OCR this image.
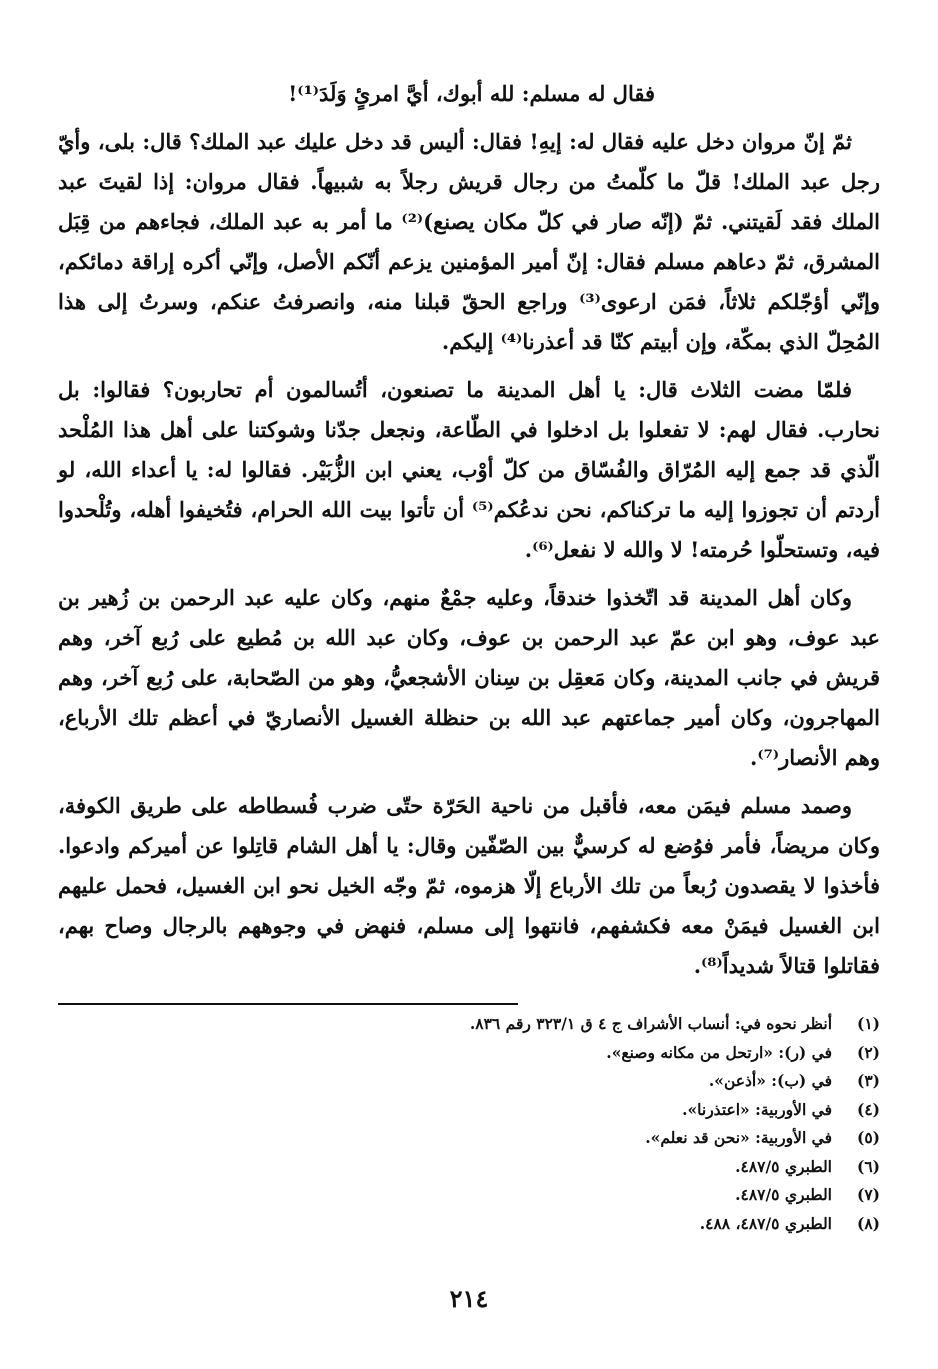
فقال له مسلم: لله أبوك، أيَّ امرئٍ وَلَدَ⁽¹⁾!

ثمّ إنّ مروان دخل عليه فقال له: إيهِ! فقال: أليس قد دخل عليك عبد الملك؟ قال: بلى، وأيّ رجل عبد الملك! قلّ ما كلّمتُ من رجال قريش رجلاً به شبيهاً. فقال مروان: إذا لقيتَ عبد الملك فقد لَقيتني. ثمّ (إنّه صار في كلّ مكان يصنع)⁽²⁾ ما أمر به عبد الملك، فجاءهم من قِبَل المشرق، ثمّ دعاهم مسلم فقال: إنّ أمير المؤمنين يزعم أنّكم الأصل، وإنّي أكره إراقة دمائكم، وإنّي أؤجّلكم ثلاثاً، فمَن ارعوى⁽³⁾ وراجع الحقّ قبلنا منه، وانصرفتُ عنكم، وسرتُ إلى هذا المُحِلّ الذي بمكّة، وإن أبيتم كنّا قد أعذرنا⁽⁴⁾ إليكم.

فلمّا مضت الثلاث قال: يا أهل المدينة ما تصنعون، أتُسالمون أم تحاربون؟ فقالوا: بل نحارب. فقال لهم: لا تفعلوا بل ادخلوا في الطّاعة، ونجعل جدّنا وشوكتنا على أهل هذا المُلْحد الّذي قد جمع إليه المُرّاق والفُسّاق من كلّ أوْب، يعني ابن الزُّبَيْر. فقالوا له: يا أعداء الله، لو أردتم أن تجوزوا إليه ما تركناكم، نحن ندعُكم⁽⁵⁾ أن تأتوا بيت الله الحرام، فتُخيفوا أهله، وتُلْحدوا فيه، وتستحلّوا حُرمته! لا والله لا نفعل⁽⁶⁾.

وكان أهل المدينة قد اتّخذوا خندقاً، وعليه جمْعٌ منهم، وكان عليه عبد الرحمن بن زُهير بن عبد عوف، وهو ابن عمّ عبد الرحمن بن عوف، وكان عبد الله بن مُطيع على رُبع آخر، وهم قريش في جانب المدينة، وكان مَعقِل بن سِنان الأشجعيُّ، وهو من الصّحابة، على رُبع آخر، وهم المهاجرون، وكان أمير جماعتهم عبد الله بن حنظلة الغسيل الأنصاريّ في أعظم تلك الأرباع، وهم الأنصار⁽⁷⁾.

وصمد مسلم فيمَن معه، فأقبل من ناحية الحَرّة حتّى ضرب فُسطاطه على طريق الكوفة، وكان مريضاً، فأمر فوُضع له كرسيٌّ بين الصّفّين وقال: يا أهل الشام قاتِلوا عن أميركم وادعوا. فأخذوا لا يقصدون رُبعاً من تلك الأرباع إلّا هزموه، ثمّ وجّه الخيل نحو ابن الغسيل، فحمل عليهم ابن الغسيل فيمَنْ معه فكشفهم، فانتهوا إلى مسلم، فنهض في وجوههم بالرجال وصاح بهم، فقاتلوا قتالاً شديداً⁽⁸⁾.

(١)
أنظر نحوه في: أنساب الأشراف ج ٤ ق ٣٢٣/١ رقم ٨٣٦.
(٢)
في (ر): «ارتحل من مكانه وصنع».
(٣)
في (ب): «أذعن».
(٤)
في الأوربية: «اعتذرنا».
(٥)
في الأوربية: «نحن قد نعلم».
(٦)
الطبري ٤٨٧/٥.
(٧)
الطبري ٤٨٧/٥.
(٨)
الطبري ٤٨٧/٥، ٤٨٨.
٢١٤
